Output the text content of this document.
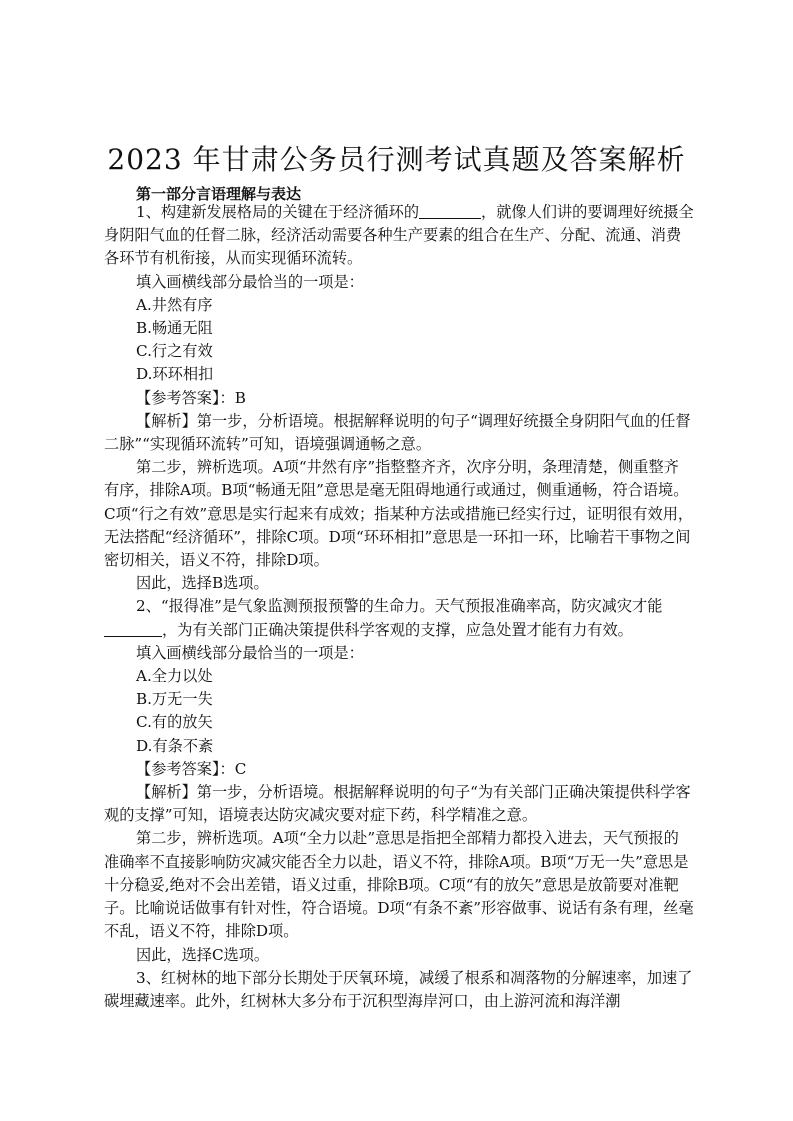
2023 年甘肃公务员行测考试真题及答案解析
第一部分言语理解与表达

1、构建新发展格局的关键在于经济循环的	，就像人们讲的要调理好统摄全身阴阳气血的任督二脉，经济活动需要各种生产要素的组合在生产、分配、流通、消费各环节有机衔接，从而实现循环流转。

填入画横线部分最恰当的一项是：

A.井然有序

B.畅通无阻

C.行之有效

D.环环相扣

【参考答案】：B

【解析】第一步，分析语境。根据解释说明的句子“调理好统摄全身阴阳气血的任督二脉”“实现循环流转”可知，语境强调通畅之意。

第二步，辨析选项。A项“井然有序”指整整齐齐，次序分明，条理清楚，侧重整齐有序，排除A项。B项“畅通无阻”意思是毫无阻碍地通行或通过，侧重通畅，符合语境。C项“行之有效”意思是实行起来有成效；指某种方法或措施已经实行过，证明很有效用，无法搭配“经济循环”，排除C项。D项“环环相扣”意思是一环扣一环，比喻若干事物之间密切相关，语义不符，排除D项。

因此，选择B选项。

2、“报得准”是气象监测预报预警的生命力。天气预报准确率高，防灾减灾才能，为有关部门正确决策提供科学客观的支撑，应急处置才能有力有效。

填入画横线部分最恰当的一项是：

A.全力以处

B.万无一失

C.有的放矢

D.有条不紊

【参考答案】：C

【解析】第一步，分析语境。根据解释说明的句子“为有关部门正确决策提供科学客观的支撑”可知，语境表达防灾减灾要对症下药，科学精准之意。

第二步，辨析选项。A项“全力以赴”意思是指把全部精力都投入进去，天气预报的准确率不直接影响防灾减灾能否全力以赴，语义不符，排除A项。B项“万无一失”意思是十分稳妥,绝对不会出差错，语义过重，排除B项。C项“有的放矢”意思是放箭要对准靶子。比喻说话做事有针对性，符合语境。D项“有条不紊”形容做事、说话有条有理，丝毫不乱，语义不符，排除D项。

因此，选择C选项。

3、红树林的地下部分长期处于厌氧环境，减缓了根系和凋落物的分解速率，加速了碳埋藏速率。此外，红树林大多分布于沉积型海岸河口，由上游河流和海洋潮
